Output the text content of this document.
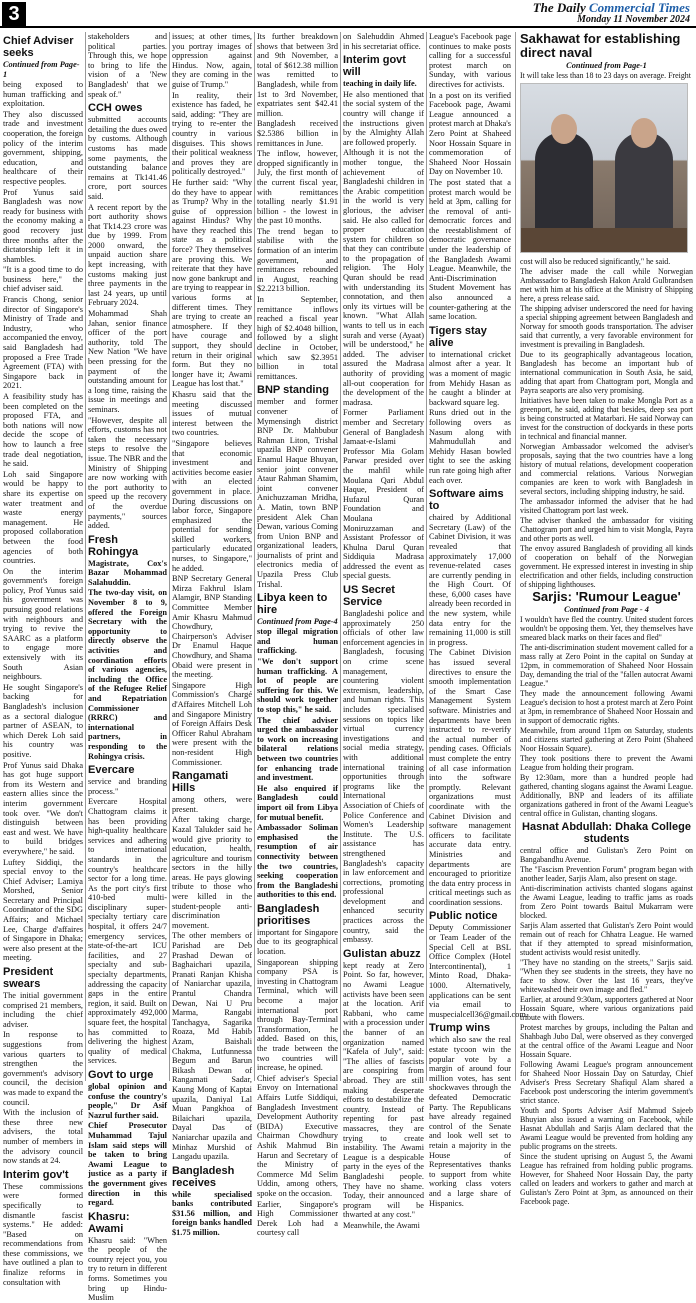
3	The Daily Commercial Times
Monday 11 November 2024
Chief Adviser seeks
Continued from Page-1

being exposed to human trafficking and exploitation.

They also discussed trade and investment cooperation, the foreign policy of the interim government, shipping, education, and healthcare of their respective peoples.

Prof Yunus said Bangladesh was now ready for business with the economy making a good recovery just three months after the dictatorship left it in shambles.

"It is a good time to do business here," the chief adviser said.

Francis Chong, senior director of Singapore's Ministry of Trade and Industry, who accompanied the envoy, said Bangladesh had proposed a Free Trade Agreement (FTA) with Singapore back in 2021.

A feasibility study has been completed on the proposed FTA, and both nations will now decide the scope of how to launch a free trade deal negotiation, he said.

Loh said Singapore would be happy to share its expertise on water treatment and waste energy management. He proposed collaboration between the food agencies of both countries.

On the interim government's foreign policy, Prof Yunus said his government was pursuing good relations with neighbours and trying to revive the SAARC as a platform to engage more extensively with its South Asian neighbours.

He sought Singapore's backing for Bangladesh's inclusion as a sectoral dialogue partner of ASEAN, to which Derek Loh said his country was positive.

Prof Yunus said Dhaka has got huge support from its Western and eastern allies since the interim government took over. "We don't distinguish between east and west. We have to build bridges everywhere," he said.

Luftey Siddiqi, the special envoy to the Chief Adviser; Lamiya Morshed, Senior Secretary and Principal Coordinator of the SDG Affairs; and Michael Lee, Charge d'affaires of Singapore in Dhaka; were also present at the meeting.

President swears

The initial government comprised 21 members, including the chief adviser.

In response to suggestions from various quarters to strengthen the government's advisory council, the decision was made to expand the council.

With the inclusion of these three new advisers, the total number of members in the advisory council now stands at 24.

Interim gov't

These commissions were formed specifically to dismantle fascist systems." He added: "Based on recommendations from these commissions, we have outlined a plan to finalize reforms in consultation with

stakeholders and political parties. Through this, we hope to bring to life the vision of a 'New Bangladesh' that we speak of."

CCH owes

submitted accounts detailing the dues owed by customs. Although customs has made some payments, the outstanding balance remains at Tk141.46 crore, port sources said.

A recent report by the port authority shows that Tk14.23 crore was due by 1999. From 2000 onward, the unpaid auction share kept increasing, with customs making just three payments in the last 24 years, up until February 2024.

Mohammad Shah Jahan, senior finance officer of the port authority, told The New Nation "We have been pressing for the payment of the outstanding amount for a long time, raising the issue in meetings and seminars.

"However, despite all efforts, customs has not taken the necessary steps to resolve the issue. The NBR and the Ministry of Shipping are now working with the port authority to speed up the recovery of the overdue payments," sources added.

Fresh Rohingya

Magistrate, Cox's Bazar Mohammad Salahuddin.

The two-day visit, on November 8 to 9, offered the Foreign Secretary with the opportunity to directly observe the activities and coordination efforts of various agencies, including the Office of the Refugee Relief and Repatriation Commissioner (RRRC) and international partners, in responding to the Rohingya crisis.

Evercare

service and branding process."

Evercare Hospital Chattogram claims it has been providing high-quality healthcare services and adhering to international standards in the country's healthcare sector for a long time. As the port city's first 410-bed multi-disciplinary super-specialty tertiary care hospital, it offers 24/7 emergency services, state-of-the-art ICU facilities, and 27 specialty and sub-specialty departments, addressing the capacity gaps in the entire region, it said. Built on approximately 492,000 square feet, the hospital has committed to delivering the highest quality of medical services.

Govt to urge

global opinion and confuse the country's people," Dr Asif Nazrul further said.

Chief Prosecutor Muhammad Tajul Islam said steps will be taken to bring Awami League to justice as a party if the government gives direction in this regard.

Khasru: Awami

Khasru said: "When the people of the country reject you, you try to return in different forms. Sometimes you bring up Hindu-Muslim

issues; at other times, you portray images of oppression against Hindus. Now, again, they are coming in the guise of Trump."

In reality, their existence has faded, he said, adding: "They are trying to re-enter the country in various disguises. This shows their political weakness and proves they are politically destroyed."

He further said: "Why do they have to appear as Trump? Why in the guise of oppression against Hindus? Why have they reached this state as a political force? They themselves are proving this. We reiterate that they have now gone bankrupt and are trying to reappear in various forms at different times. They are trying to create an atmosphere. If they have courage and support, they should return in their original form. But they no longer have it; Awami League has lost that."

Khasru said that the meeting discussed issues of mutual interest between the two countries.

"Singapore believes that economic investment and activities become easier with an elected government in place. During discussions on labor force, Singapore emphasized the potential for sending skilled workers, particularly educated nurses, to Singapore," he added.

BNP Secretary General Mirza Fakhrul Islam Alamgir, BNP Standing Committee Member Amir Khasru Mahmud Chowdhury, Chairperson's Adviser Dr Enamul Haque Chowdhury, and Shama Obaid were present in the meeting.

Singapore High Commission's Chargé d'Affaires Mitchell Loh and Singapore Ministry of Foreign Affairs Desk Officer Rahul Abraham were present with the non-resident High Commissioner.

Rangamati Hills

among others, were present.

After taking charge, Kazal Talukder said he would give priority to education, health, agriculture and tourism sectors in the hilly areas. He pays glowing tribute to those who were killed in the student-people anti-discrimination movement.

The other members of Parishad are Deb Prashad Dewan of Baghaichari upazila, Pranati Ranjan Khisha of Naniarchar upazila, Prantul Chandra Dewan, Nai U Pru Marma, Rangabi Tanchagya, Sagarika Roaza, Md Habib Azam, Baishali Chakma, Lutfunnessa Begum and Barun Bikash Dewan of Rangamati Sadar, Kaung Mong of Kaptai upazila, Daniyal Lal Muan Pangkhoa of Bilaichari upazila, Dayal Das of Naniarchar upazila and Minhaz Murshid of Langadu upazila.

Bangladesh receives

while specialised banks contributed $31.56 million, and foreign banks handled $1.75 million.

Its further breakdown shows that between 3rd and 9th November, a total of $612.38 million was remitted to Bangladesh, while from 1st to 3rd November, expatriates sent $42.41 million.

Bangladesh received $2.5386 billion in remittances in June.

The inflow, however, dropped significantly in July, the first month of the current fiscal year, with remittances totalling nearly $1.91 billion - the lowest in the past 10 months.

The trend began to stabilise with the formation of an interim government, and remittances rebounded in August, reaching $2.2213 billion.

In September, remittance inflows reached a fiscal year high of $2.4048 billion, followed by a slight decline in October, which saw $2.3951 billion in total remittances.

BNP standing

member and former convener of Mymensingh district BNP Dr. Mahbubur Rahman Liton, Trishal upazila BNP convener Enamul Haque Bhuyan, senior joint convener Ataur Rahman Shamim, joint convener Anichuzzaman Mridha, A. Matin, town BNP president Alek Chan Dewan, various Coming from Union BNP and organizational leaders, journalists of print and electronics media of Upazila Press Club Trishal.

Libya keen to hire
Continued from Page-4

stop illegal migration and human trafficking.

"We don't support human trafficking. A lot of people are suffering for this. We should work together to stop this," he said.

The chief adviser urged the ambassador to work on increasing bilateral relations between two countries for enhancing trade and investment.

He also enquired if Bangladesh could import oil from Libya for mutual benefit.

Ambassador Soliman emphasised the resumption of air connectivity between the two countries, seeking cooperation from the Bangladeshi authorities to this end.

Bangladesh prioritises

important for Singapore due to its geographical location.

Singaporean shipping company PSA is investing in Chattogram Terminal, which will become a major international port through Bay-Terminal Transformation, he added. Based on this, the trade between the two countries will increase, he opined.

Chief adviser's Special Envoy on International Affairs Lutfe Siddiqui, Bangladesh Investment Development Authority (BIDA) Executive Chairman Chowdhury Ashik Mahmud Bin Harun and Secretary of the Ministry of Commerce Md Selim Uddin, among others, spoke on the occasion.

Earlier, Singapore's High Commissioner Derek Loh had a courtesy call

on Salehuddin Ahmed in his secretariat office.

Interim govt will

teaching in daily life.

He also mentioned that the social system of the country will change if the instructions given by the Almighty Allah are followed properly.

Although it is not the mother tongue, the achievement of Bangladeshi children in the Arabic competition in the world is very glorious, the adviser said. He also called for proper education system for children so that they can contribute to the propagation of religion. The Holy Quran should be read with understanding its connotation, and then only its virtues will be known. "What Allah wants to tell us in each surah and verse (Ayaat) will be understood," he added. The adviser assured the Madrasa authority of providing all-out cooperation for the development of the madrasa.

Former Parliament member and Secretary General of Bangladesh Jamaat-e-Islami Professor Mia Golam Parwar presided over the mahfil while Moulana Qari Abdul Haque, President of Hufazul Quran Foundation and Moulana Moniruzzaman and Assistant Professor of Khulna Darul Quran Siddiquia Madrasa addressed the event as special guests.

US Secret Service

Bangladeshi police and approximately 250 officials of other law enforcement agencies in Bangladesh, focusing on crime scene management, countering violent extremism, leadership, and human rights. This includes specialised sessions on topics like virtual currency investigations and social media strategy, with additional international training opportunities through programs like the International Association of Chiefs of Police Conference and Women's Leadership Institute. The U.S. assistance has strengthened Bangladesh's capacity in law enforcement and corrections, promoting professional development and enhanced security practices across the country, said the embassy.

Gulistan abuzz

kept ready at Zero Point. So far, however, no Awami League activists have been seen at the location. Arif Rabbani, who came with a procession under the banner of an organization named "Kafela of July", said: "The allies of fascists are conspiring from abroad. They are still making desperate efforts to destabilize the country. Instead of repenting for past massacres, they are trying to create instability. The Awami League is a despicable party in the eyes of the Bangladeshi people. They have no shame. Today, their announced program will be thwarted at any cost."

Meanwhile, the Awami

League's Facebook page continues to make posts calling for a successful protest march on Sunday, with various directives for activists.

In a post on its verified Facebook page, Awami League announced a protest march at Dhaka's Zero Point at Shaheed Noor Hossain Square in commemoration of Shaheed Noor Hossain Day on November 10.

The post stated that a protest march would be held at 3pm, calling for the removal of anti-democratic forces and the reestablishment of democratic governance under the leadership of the Bangladesh Awami League. Meanwhile, the Anti-Discrimination Student Movement has also announced a counter-gathering at the same location.

Tigers stay alive

to international cricket almost after a year. It was a moment of magic from Mehidy Hasan as he caught a blinder at backward square leg.

Runs dried out in the following overs as Nasum along with Mahmudullah and Mehidy Hasan bowled tight to see the asking run rate going high after each over.

Software aims to

chaired by Additional Secretary (Law) of the Cabinet Division, it was revealed that approximately 17,000 revenue-related cases are currently pending in the High Court. Of these, 6,000 cases have already been recorded in the new system, while data entry for the remaining 11,000 is still in progress.

The Cabinet Division has issued several directives to ensure the smooth implementation of the Smart Case Management System software. Ministries and departments have been instructed to re-verify the actual number of pending cases. Officials must complete the entry of all case information into the software promptly. Relevant organizations must coordinate with the Cabinet Division and software management officers to facilitate accurate data entry. Ministries and departments are encouraged to prioritize the data entry process in critical meetings such as coordination sessions.

Public notice

Deputy Commissioner or Team Leader of the Special Cell at BSL Office Complex (Hotel Intercontinental), 1 Minto Road, Dhaka-1000. Alternatively, applications can be sent via email to muspecialcell36@gmail.com.

Trump wins

which also saw the real estate tycoon win the popular vote by a margin of around four million votes, has sent shockwaves through the defeated Democratic Party. The Republicans have already regained control of the Senate and look well set to retain a majority in the House of Representatives thanks to support from white working class voters and a large share of Hispanics.

Sakhawat for establishing direct naval
Continued from Page-1

It will take less than 18 to 23 days on average. Freight

cost will also be reduced significantly," he said.

The adviser made the call while Norwegian Ambassador to Bangladesh Hakon Arald Gulbrandsen met with him at his office at the Ministry of Shipping here, a press release said.

The shipping adviser underscored the need for having a special shipping agreement between Bangladesh and Norway for smooth goods transportation. The adviser said that currently, a very favorable environment for investment is prevailing in Bangladesh.

Due to its geographically advantageous location, Bangladesh has become an important hub of international communication in South Asia, he said, adding that apart from Chattogram port, Mongla and Payra seaports are also very promising.

Initiatives have been taken to make Mongla Port as a greenport, he said, adding that besides, deep sea port is being constructed at Matarbari. He said Norway can invest for the construction of dockyards in these ports in technical and financial manner.

Norwegian Ambassador welcomed the adviser's proposals, saying that the two countries have a long history of mutual relations, development cooperation and commercial relations. Various Norwegian companies are keen to work with Bangladesh in several sectors, including shipping industry, he said.

The ambassador informed the adviser that he had visited Chattogram port last week.

The adviser thanked the ambassador for visiting Chattogram port and urged him to visit Mongla, Payra and other ports as well.

The envoy assured Bangladesh of providing all kinds of cooperation on behalf of the Norwegian government. He expressed interest in investing in ship electrification and other fields, including construction of shipping lighthouses.

Sarjis: 'Rumour League'
Continued from Page - 4

I wouldn't have fled the country. United student forces wouldn't be opposing them. Yet, they themselves have smeared black marks on their faces and fled"

The anti-discrimination student movement called for a mass rally at Zero Point in the capital on Sunday at 12pm, in commemoration of Shaheed Noor Hossain Day, demanding the trial of the "fallen autocrat Awami League."

They made the announcement following Awami League's decision to host a protest march at Zero Point at 3pm, in remembrance of Shaheed Noor Hossain and in support of democratic rights.

Meanwhile, from around 11pm on Saturday, students and citizens started gathering at Zero Point (Shaheed Noor Hossain Square).

They took positions there to prevent the Awami League from holding their program.

By 12:30am, more than a hundred people had gathered, chanting slogans against the Awami League. Additionally, BNP and leaders of its affiliate organizations gathered in front of the Awami League's central office in Gulistan, chanting slogans.

Hasnat Abdullah: Dhaka College students

central office and Gulistan's Zero Point on Bangabandhu Avenue.

The "Fascism Prevention Forum" program began with another leader, Sarjis Alam, also present on stage.

Anti-discrimination activists chanted slogans against the Awami League, leading to traffic jams as roads from Zero Point towards Baitul Mukarram were blocked.

Sarjis Alam asserted that Gulistan's Zero Point would remain out of reach for Chhatra League. He warned that if they attempted to spread misinformation, student activists would resist unitedly.

"They have no standing on the streets," Sarjis said. "When they see students in the streets, they have no face to show. Over the last 16 years, they've whitewashed their own image and fled."

Earlier, at around 9:30am, supporters gathered at Noor Hossain Square, where various organizations paid tribute with flowers.

Protest marches by groups, including the Paltan and Shahbagh Jubo Dal, were observed as they converged at the central office of the Awami League and Noor Hossain Square.

Following Awami League's program announcement for Shaheed Noor Hossain Day on Saturday, Chief Adviser's Press Secretary Shafiqul Alam shared a Facebook post underscoring the interim government's strict stance.

Youth and Sports Adviser Asif Mahmud Sajeeb Bhuyian also issued a warning on Facebook, while Hasnat Abdullah and Sarjis Alam declared that the Awami League would be prevented from holding any public programs on the streets.

Since the student uprising on August 5, the Awami League has refrained from holding public programs. However, for Shaheed Noor Hossain Day, the party called on leaders and workers to gather and march at Gulistan's Zero Point at 3pm, as announced on their Facebook page.
